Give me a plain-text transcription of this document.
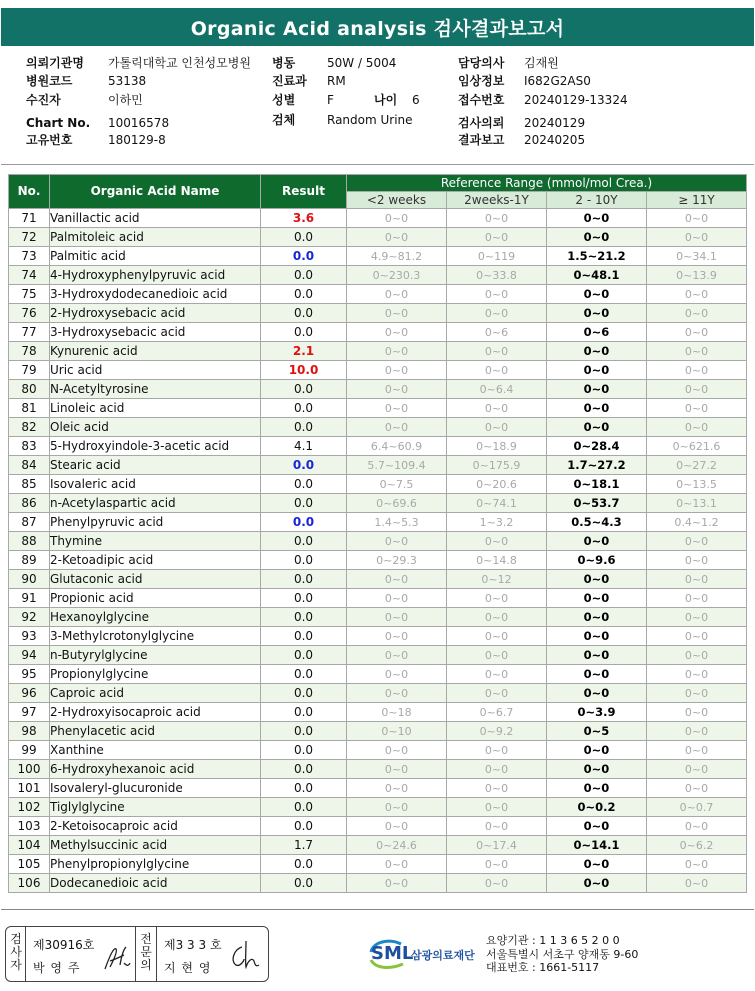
Organic Acid analysis 검사결과보고서
의뢰기관명 가톨릭대학교 인천성모병원 병동	50W / 5004	담당의사 김재원
병원코드	53138	진료과 RM	임상정보 I682G2AS0
수진자	이하민	성별	F	나이 6	접수번호 20240129-13324
Chart No. 10016578	검체	Random Urine	검사의뢰 20240129
고유번호	180129-8	결과보고 20240205
No.	Organic Acid Name	Result	Reference Range (mmol/mol Crea.)			
			<2 weeks	2weeks-1Y	2 - 10Y	≥ 11Y
71	Vanillactic acid	3.6	0~0	0~0	0~0	0~0
72	Palmitoleic acid	0.0	0~0	0~0	0~0	0~0
73	Palmitic acid	0.0	4.9~81.2	0~119	1.5~21.2	0~34.1
74	4-Hydroxyphenylpyruvic acid	0.0	0~230.3	0~33.8	0~48.1	0~13.9
75	3-Hydroxydodecanedioic acid	0.0	0~0	0~0	0~0	0~0
76	2-Hydroxysebacic acid	0.0	0~0	0~0	0~0	0~0
77	3-Hydroxysebacic acid	0.0	0~0	0~6	0~6	0~0
78	Kynurenic acid	2.1	0~0	0~0	0~0	0~0
79	Uric acid	10.0	0~0	0~0	0~0	0~0
80	N-Acetyltyrosine	0.0	0~0	0~6.4	0~0	0~0
81	Linoleic acid	0.0	0~0	0~0	0~0	0~0
82	Oleic acid	0.0	0~0	0~0	0~0	0~0
83	5-Hydroxyindole-3-acetic acid	4.1	6.4~60.9	0~18.9	0~28.4	0~621.6
84	Stearic acid	0.0	5.7~109.4	0~175.9	1.7~27.2	0~27.2
85	Isovaleric acid	0.0	0~7.5	0~20.6	0~18.1	0~13.5
86	n-Acetylaspartic acid	0.0	0~69.6	0~74.1	0~53.7	0~13.1
87	Phenylpyruvic acid	0.0	1.4~5.3	1~3.2	0.5~4.3	0.4~1.2
88	Thymine	0.0	0~0	0~0	0~0	0~0
89	2-Ketoadipic acid	0.0	0~29.3	0~14.8	0~9.6	0~0
90	Glutaconic acid	0.0	0~0	0~12	0~0	0~0
91	Propionic acid	0.0	0~0	0~0	0~0	0~0
92	Hexanoylglycine	0.0	0~0	0~0	0~0	0~0
93	3-Methylcrotonylglycine	0.0	0~0	0~0	0~0	0~0
94	n-Butyrylglycine	0.0	0~0	0~0	0~0	0~0
95	Propionylglycine	0.0	0~0	0~0	0~0	0~0
96	Caproic acid	0.0	0~0	0~0	0~0	0~0
97	2-Hydroxyisocaproic acid	0.0	0~18	0~6.7	0~3.9	0~0
98	Phenylacetic acid	0.0	0~10	0~9.2	0~5	0~0
99	Xanthine	0.0	0~0	0~0	0~0	0~0
100	6-Hydroxyhexanoic acid	0.0	0~0	0~0	0~0	0~0
101	Isovaleryl-glucuronide	0.0	0~0	0~0	0~0	0~0
102	Tiglylglycine	0.0	0~0	0~0	0~0.2	0~0.7
103	2-Ketoisocaproic acid	0.0	0~0	0~0	0~0	0~0
104	Methylsuccinic acid	1.7	0~24.6	0~17.4	0~14.1	0~6.2
105	Phenylpropionylglycine	0.0	0~0	0~0	0~0	0~0
106	Dodecanedioic acid	0.0	0~0	0~0	0~0	0~0
검사자
제30916호
박 영 주
전문의
제3 3 3 호
지 현 영
SML
삼광의료재단
요양기관 : 1 1 3 6 5 2 0 0
서울특별시 서초구 양재동 9-60
대표번호 : 1661-5117
